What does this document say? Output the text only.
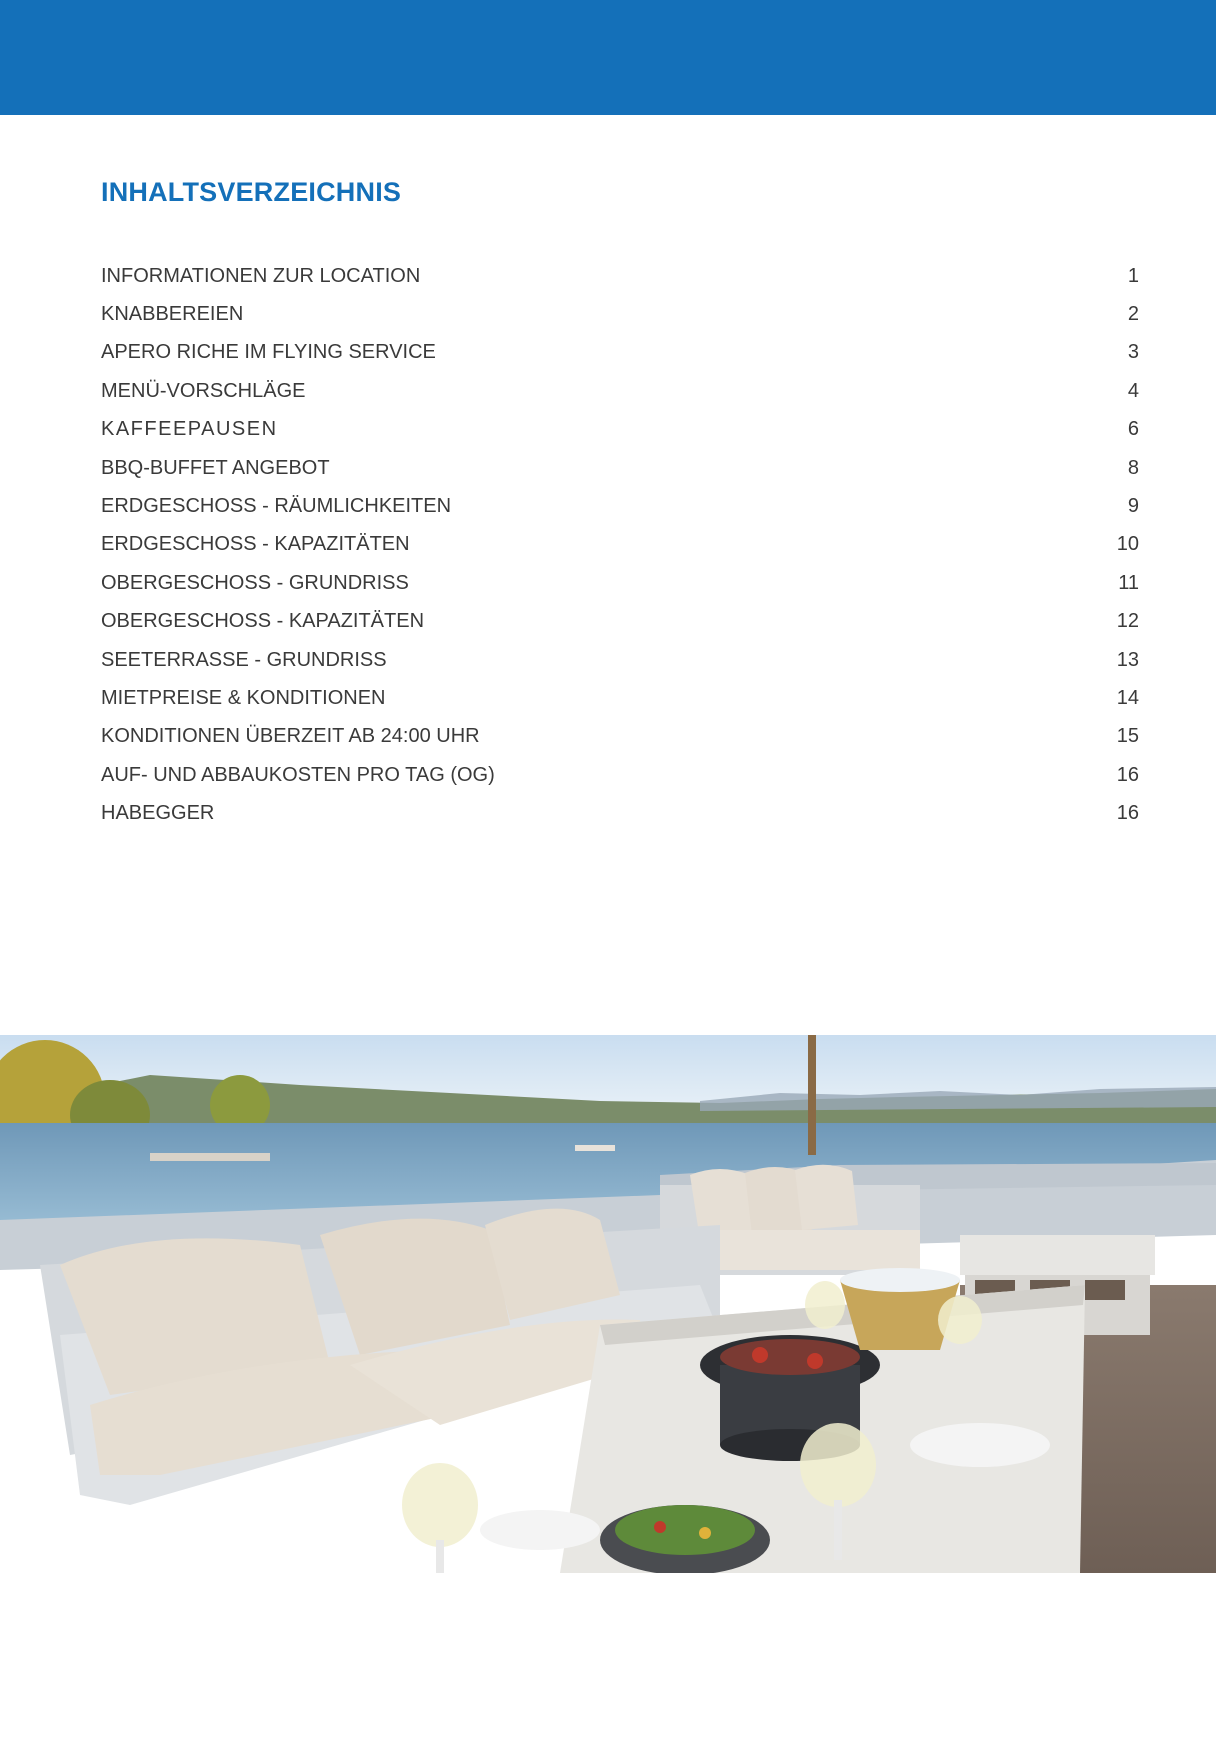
INHALTSVERZEICHNIS
INFORMATIONEN ZUR LOCATION	1
KNABBEREIEN	2
APERO RICHE IM FLYING SERVICE	3
MENÜ-VORSCHLÄGE	4
KAFFEEPAUSEN	6
BBQ-BUFFET ANGEBOT	8
ERDGESCHOSS - RÄUMLICHKEITEN	9
ERDGESCHOSS - KAPAZITÄTEN	10
OBERGESCHOSS - GRUNDRISS	11
OBERGESCHOSS - KAPAZITÄTEN	12
SEETERRASSE - GRUNDRISS	13
MIETPREISE & KONDITIONEN	14
KONDITIONEN ÜBERZEIT AB 24:00 UHR	15
AUF- UND ABBAUKOSTEN PRO TAG (OG)	16
HABEGGER	16
